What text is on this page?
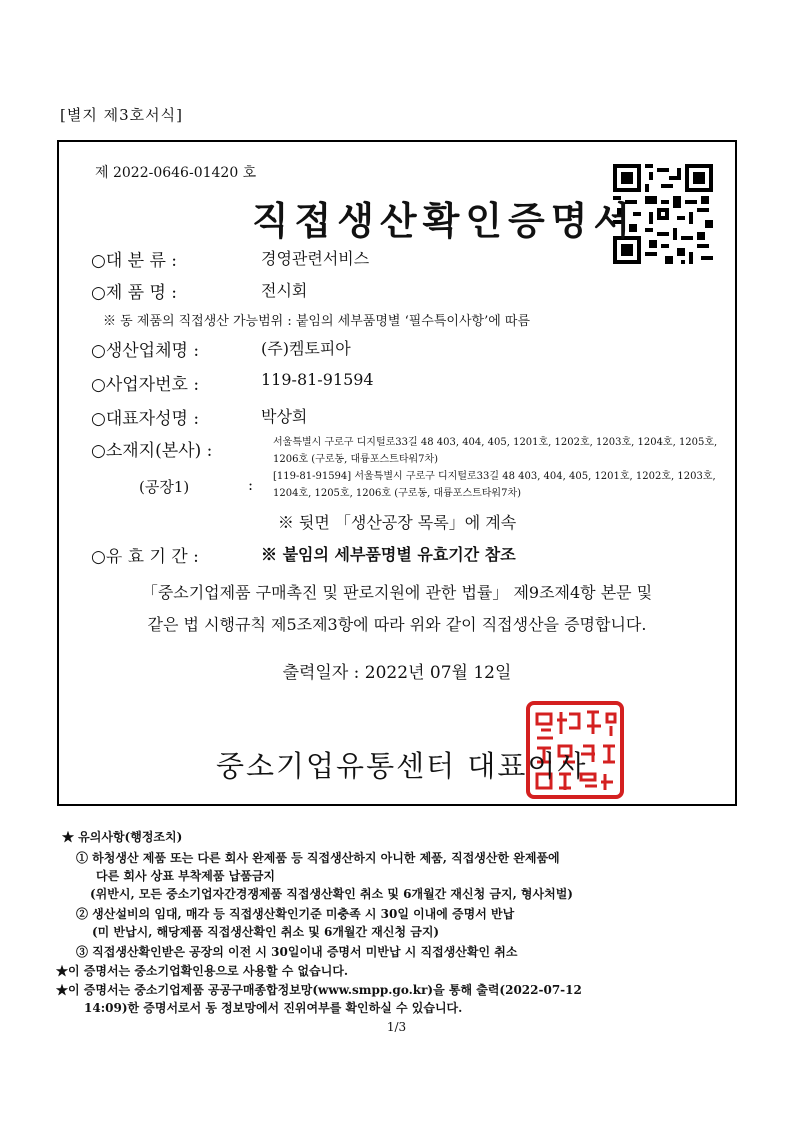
[별지 제3호서식]
제 2022-0646-01420 호
직접생산확인증명서
○대 분 류 :	경영관련서비스
○제 품 명 :	전시회
※ 동 제품의 직접생산 가능범위 : 붙임의 세부품명별 ‘필수특이사항’에 따름
○생산업체명 :	(주)켐토피아
○사업자번호 :	119-81-91594
○대표자성명 :	박상희
○소재지(본사) :	서울특별시 구로구 디지털로33길 48 403, 404, 405, 1201호, 1202호, 1203호, 1204호, 1205호, 1206호 (구로동, 대륭포스트타워7차)
(공장1)	: [119-81-91594] 서울특별시 구로구 디지털로33길 48 403, 404, 405, 1201호, 1202호, 1203호, 1204호, 1205호, 1206호 (구로동, 대륭포스트타워7차)
※ 뒷면 「생산공장 목록」에 계속
○유 효 기 간 :	※ 붙임의 세부품명별 유효기간 참조
「중소기업제품 구매촉진 및 판로지원에 관한 법률」 제9조제4항 본문 및
같은 법 시행규칙 제5조제3항에 따라 위와 같이 직접생산을 증명합니다.
출력일자 : 2022년 07월 12일
중소기업유통센터 대표이사
★ 유의사항(행정조치)
① 하청생산 제품 또는 다른 회사 완제품 등 직접생산하지 아니한 제품, 직접생산한 완제품에
다른 회사 상표 부착제품 납품금지
(위반시, 모든 중소기업자간경쟁제품 직접생산확인 취소 및 6개월간 재신청 금지, 형사처벌)
② 생산설비의 임대, 매각 등 직접생산확인기준 미충족 시 30일 이내에 증명서 반납
(미 반납시, 해당제품 직접생산확인 취소 및 6개월간 재신청 금지)
③ 직접생산확인받은 공장의 이전 시 30일이내 증명서 미반납 시 직접생산확인 취소
★이 증명서는 중소기업확인용으로 사용할 수 없습니다.
★이 증명서는 중소기업제품 공공구매종합정보망(www.smpp.go.kr)을 통해 출력(2022-07-12
14:09)한 증명서로서 동 정보망에서 진위여부를 확인하실 수 있습니다.
1/3
